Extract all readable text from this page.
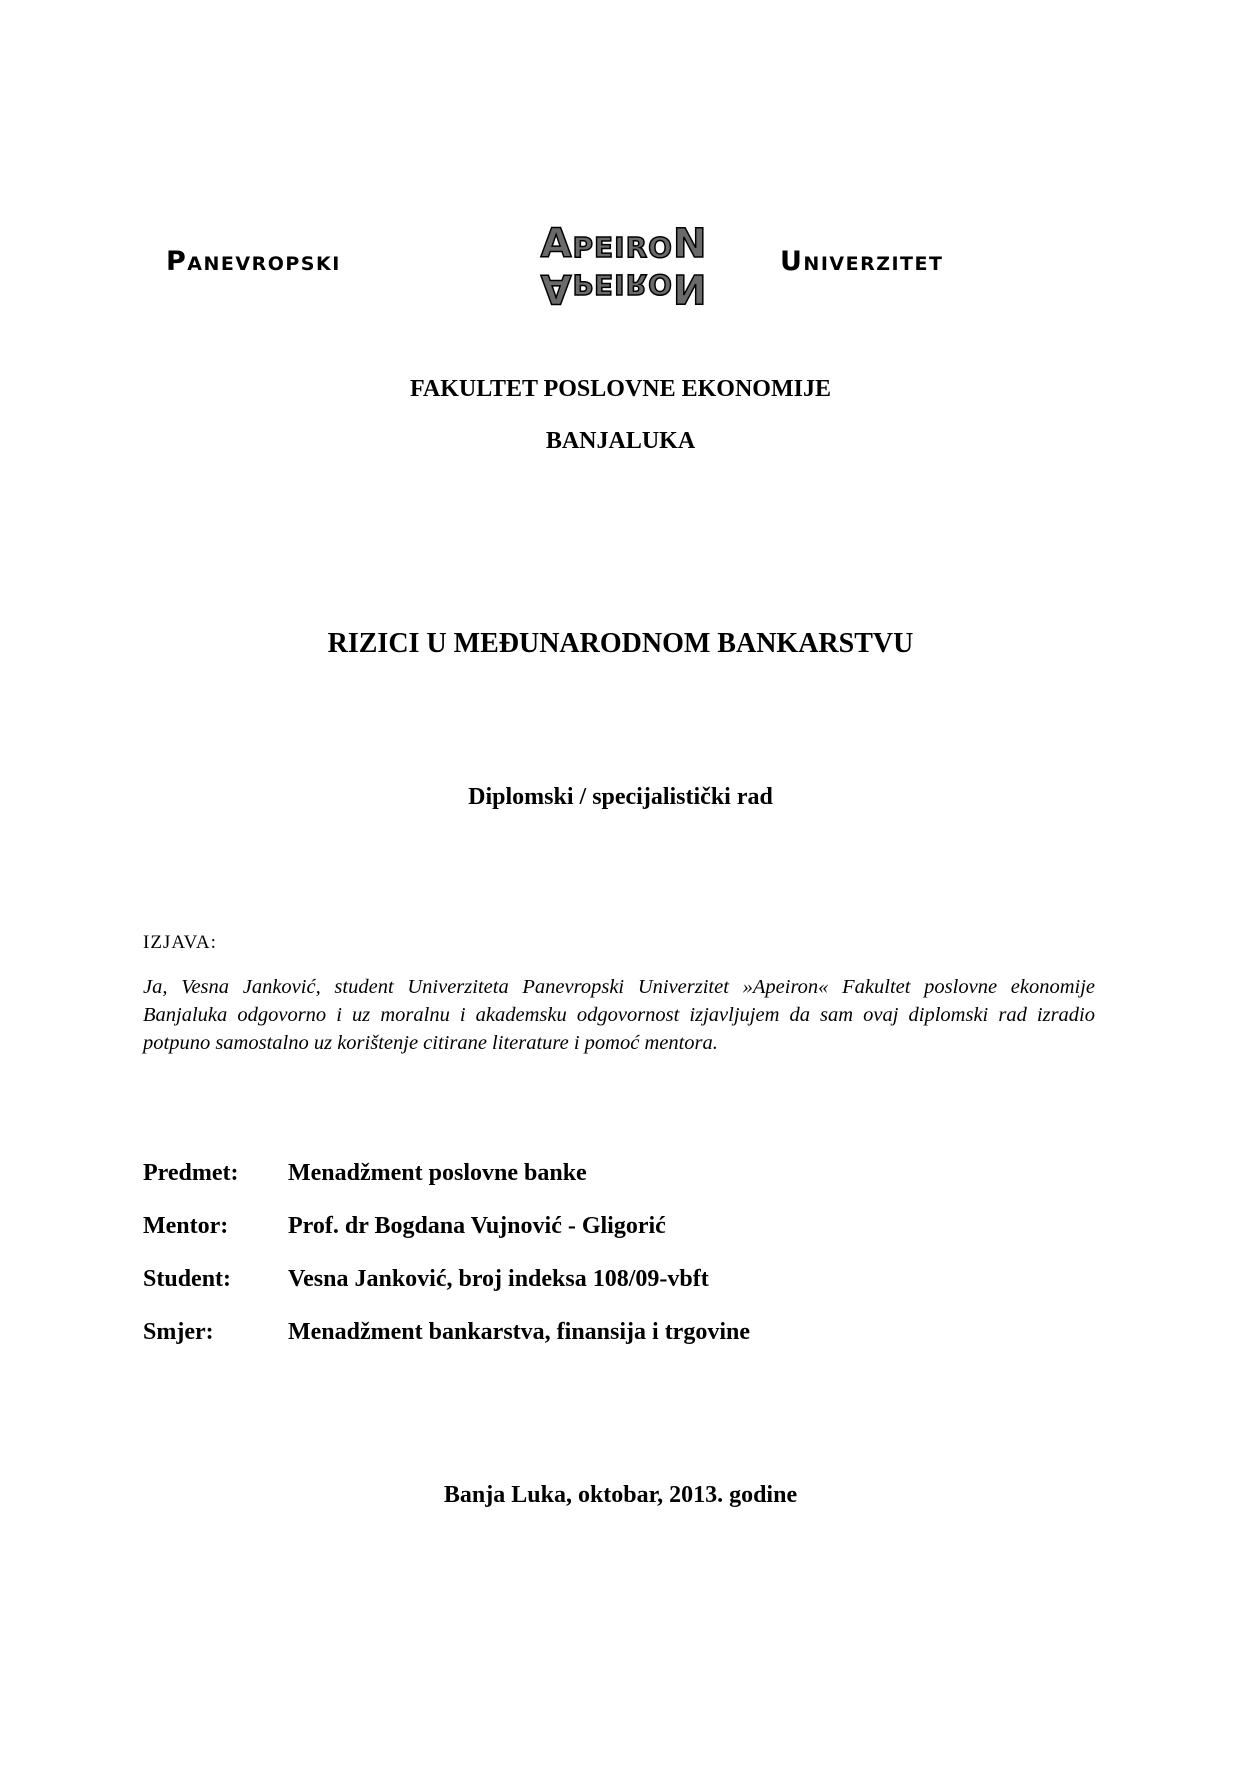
Panevropski	ApeiroN
ApeiroN
Univerzitet
FAKULTET POSLOVNE EKONOMIJE
BANJALUKA
RIZICI U MEĐUNARODNOM BANKARSTVU
Diplomski / specijalistički rad
IZJAVA:
Ja, Vesna Janković, student Univerziteta Panevropski Univerzitet »Apeiron« Fakultet poslovne ekonomije Banjaluka odgovorno i uz moralnu i akademsku odgovornost izjavljujem da sam ovaj diplomski rad izradio potpuno samostalno uz korištenje citirane literature i pomoć mentora.
Predmet: Menadžment poslovne banke
Mentor: Prof. dr Bogdana Vujnović - Gligorić
Student: Vesna Janković, broj indeksa 108/09-vbft
Smjer:	Menadžment bankarstva, finansija i trgovine
Banja Luka, oktobar, 2013. godine
